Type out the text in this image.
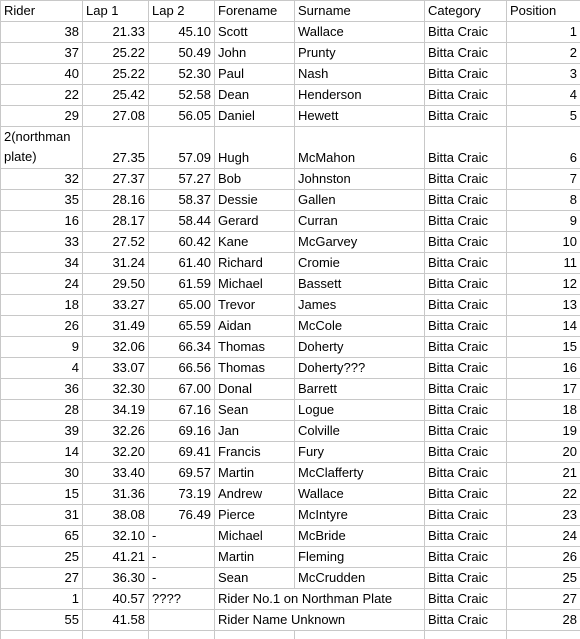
Rider	Lap 1	Lap 2	Forename	Surname	Category	Position
38	21.33	45.10	Scott	Wallace	Bitta Craic	1
37	25.22	50.49	John	Prunty	Bitta Craic	2
40	25.22	52.30	Paul	Nash	Bitta Craic	3
22	25.42	52.58	Dean	Henderson	Bitta Craic	4
29	27.08	56.05	Daniel	Hewett	Bitta Craic	5
2(northman plate)	27.35	57.09	Hugh	McMahon	Bitta Craic	6
32	27.37	57.27	Bob	Johnston	Bitta Craic	7
35	28.16	58.37	Dessie	Gallen	Bitta Craic	8
16	28.17	58.44	Gerard	Curran	Bitta Craic	9
33	27.52	60.42	Kane	McGarvey	Bitta Craic	10
34	31.24	61.40	Richard	Cromie	Bitta Craic	11
24	29.50	61.59	Michael	Bassett	Bitta Craic	12
18	33.27	65.00	Trevor	James	Bitta Craic	13
26	31.49	65.59	Aidan	McCole	Bitta Craic	14
9	32.06	66.34	Thomas	Doherty	Bitta Craic	15
4	33.07	66.56	Thomas	Doherty???	Bitta Craic	16
36	32.30	67.00	Donal	Barrett	Bitta Craic	17
28	34.19	67.16	Sean	Logue	Bitta Craic	18
39	32.26	69.16	Jan	Colville	Bitta Craic	19
14	32.20	69.41	Francis	Fury	Bitta Craic	20
30	33.40	69.57	Martin	McClafferty	Bitta Craic	21
15	31.36	73.19	Andrew	Wallace	Bitta Craic	22
31	38.08	76.49	Pierce	McIntyre	Bitta Craic	23
65	32.10	-	Michael	McBride	Bitta Craic	24
25	41.21	-	Martin	Fleming	Bitta Craic	26
27	36.30	-	Sean	McCrudden	Bitta Craic	25
1	40.57	????	Rider No.1 on Northman Plate		Bitta Craic	27
55	41.58		Rider Name Unknown		Bitta Craic	28
